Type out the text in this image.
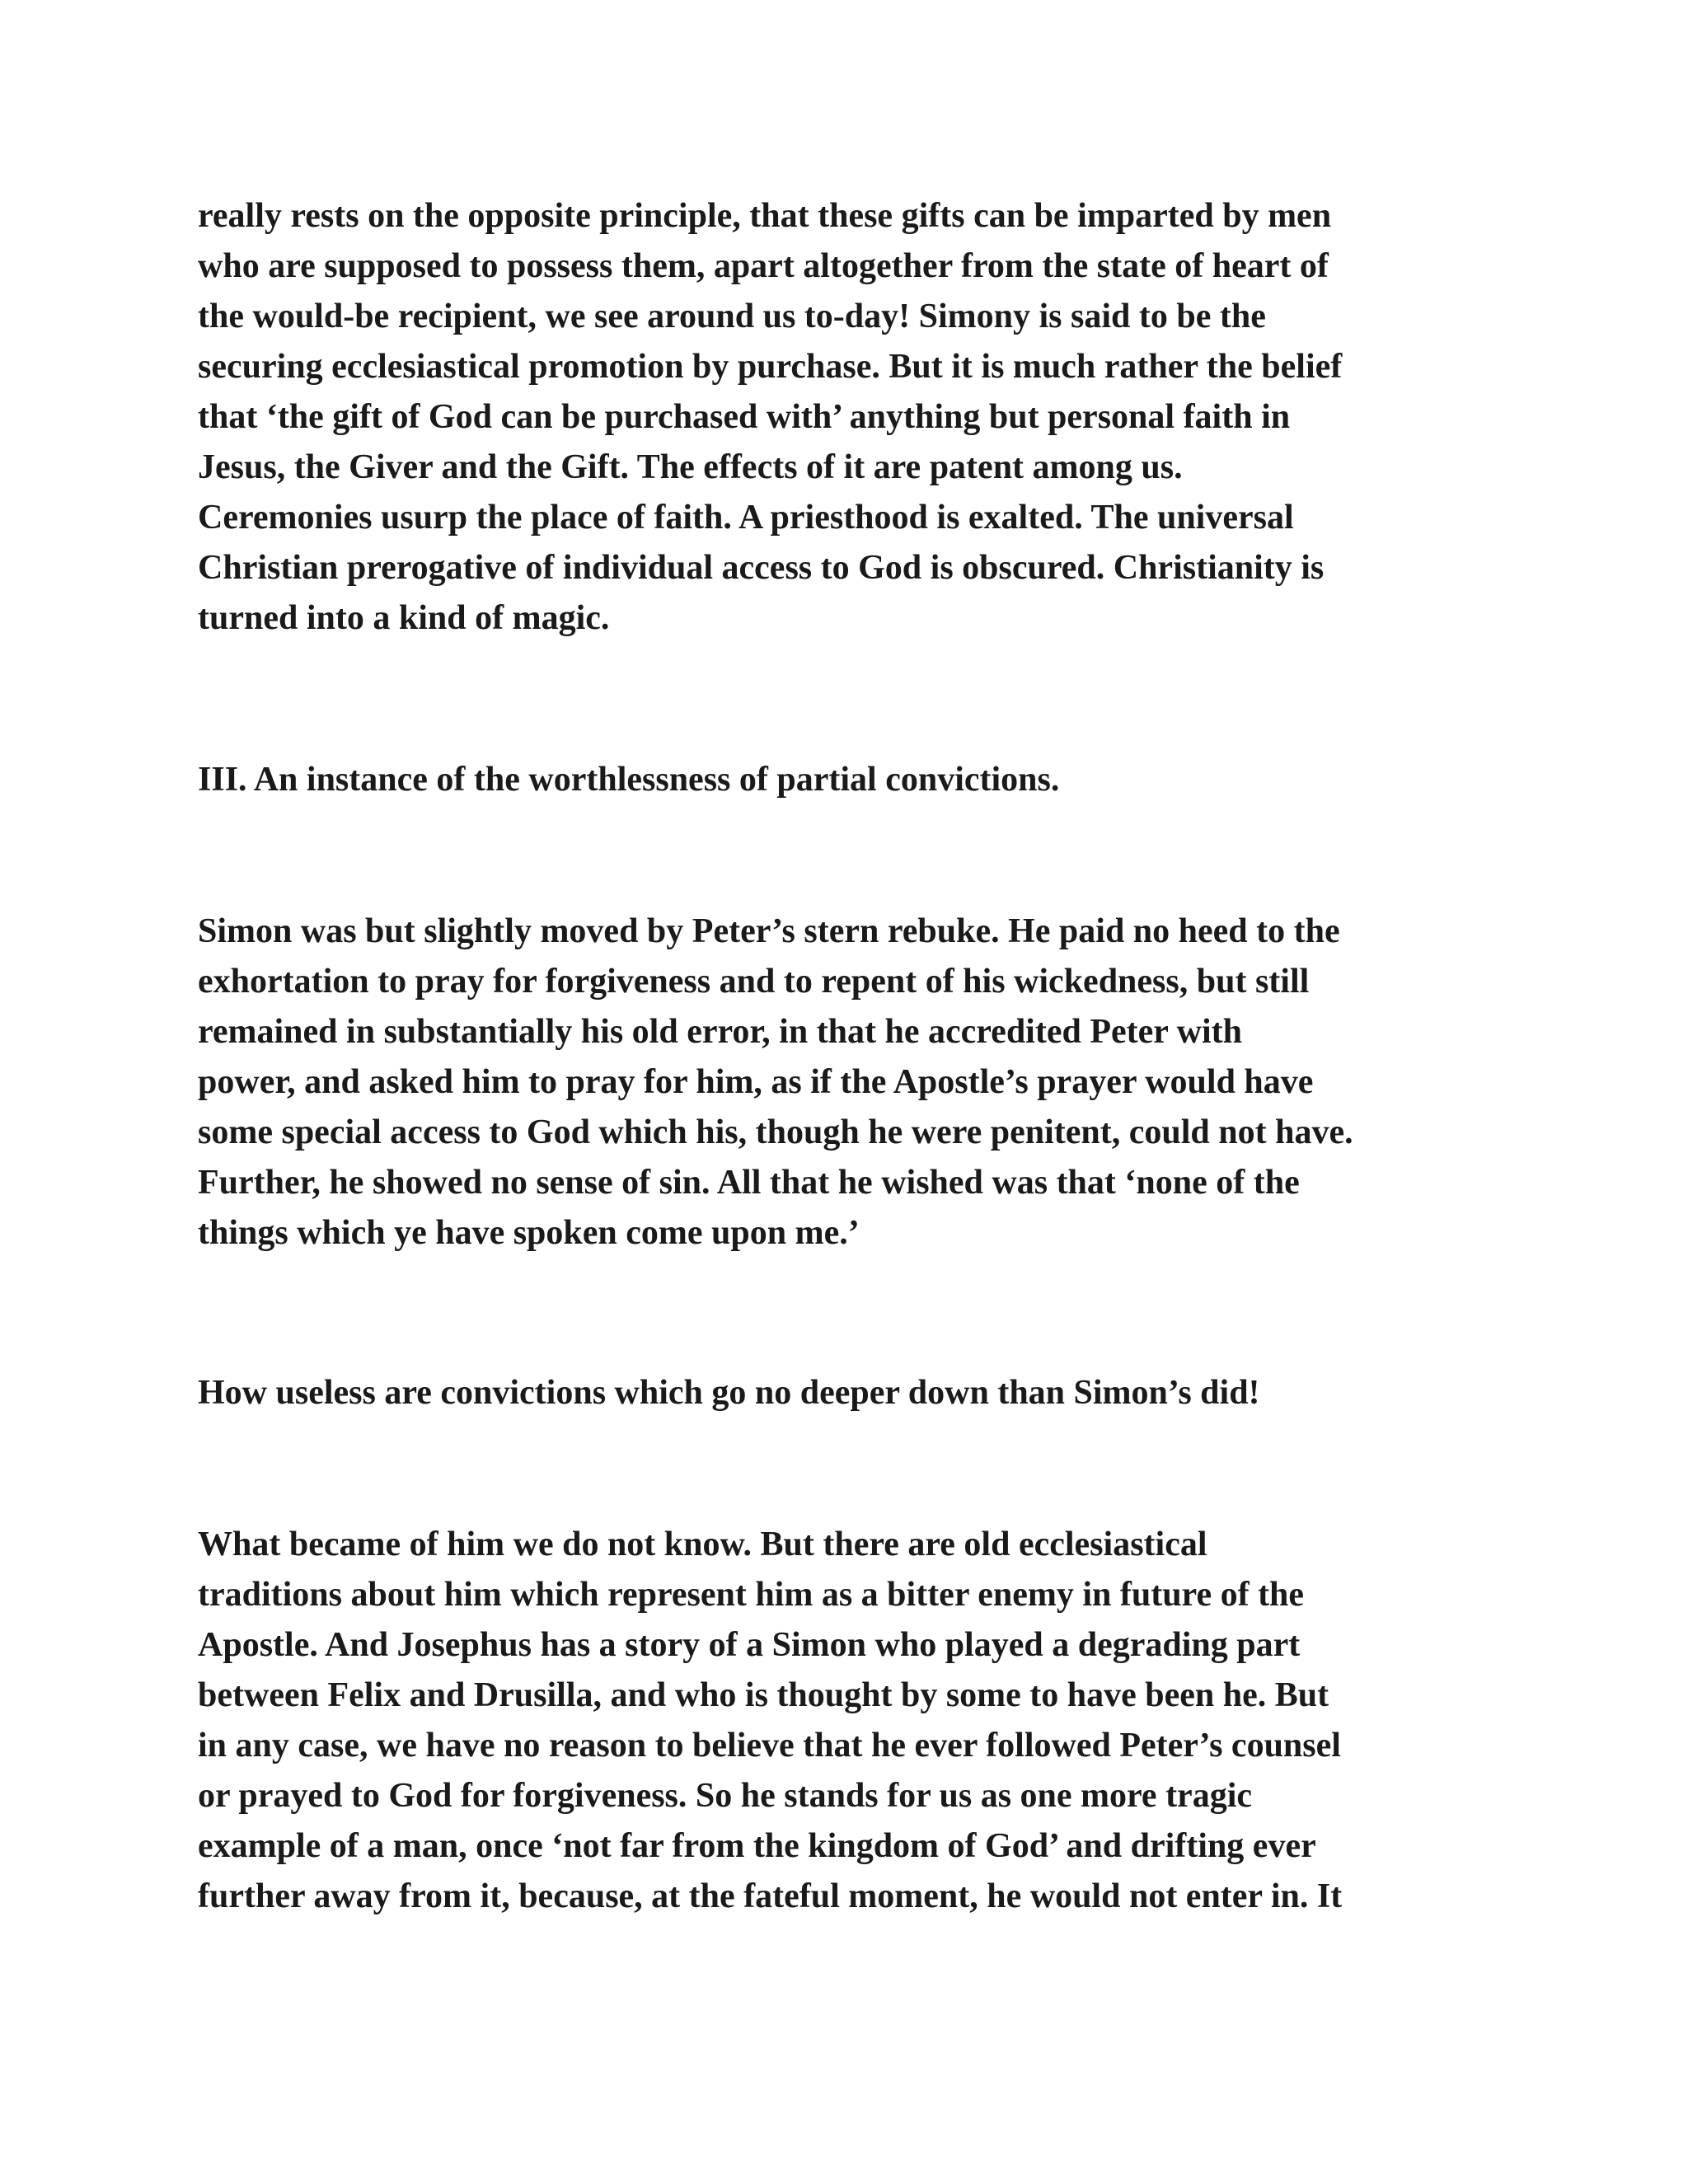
really rests on the opposite principle, that these gifts can be imparted by men
who are supposed to possess them, apart altogether from the state of heart of
the would-be recipient, we see around us to-day! Simony is said to be the
securing ecclesiastical promotion by purchase. But it is much rather the belief
that ‘the gift of God can be purchased with’ anything but personal faith in
Jesus, the Giver and the Gift. The effects of it are patent among us.
Ceremonies usurp the place of faith. A priesthood is exalted. The universal
Christian prerogative of individual access to God is obscured. Christianity is
turned into a kind of magic.
III. An instance of the worthlessness of partial convictions.
Simon was but slightly moved by Peter’s stern rebuke. He paid no heed to the
exhortation to pray for forgiveness and to repent of his wickedness, but still
remained in substantially his old error, in that he accredited Peter with
power, and asked him to pray for him, as if the Apostle’s prayer would have
some special access to God which his, though he were penitent, could not have.
Further, he showed no sense of sin. All that he wished was that ‘none of the
things which ye have spoken come upon me.’
How useless are convictions which go no deeper down than Simon’s did!
What became of him we do not know. But there are old ecclesiastical
traditions about him which represent him as a bitter enemy in future of the
Apostle. And Josephus has a story of a Simon who played a degrading part
between Felix and Drusilla, and who is thought by some to have been he. But
in any case, we have no reason to believe that he ever followed Peter’s counsel
or prayed to God for forgiveness. So he stands for us as one more tragic
example of a man, once ‘not far from the kingdom of God’ and drifting ever
further away from it, because, at the fateful moment, he would not enter in. It
